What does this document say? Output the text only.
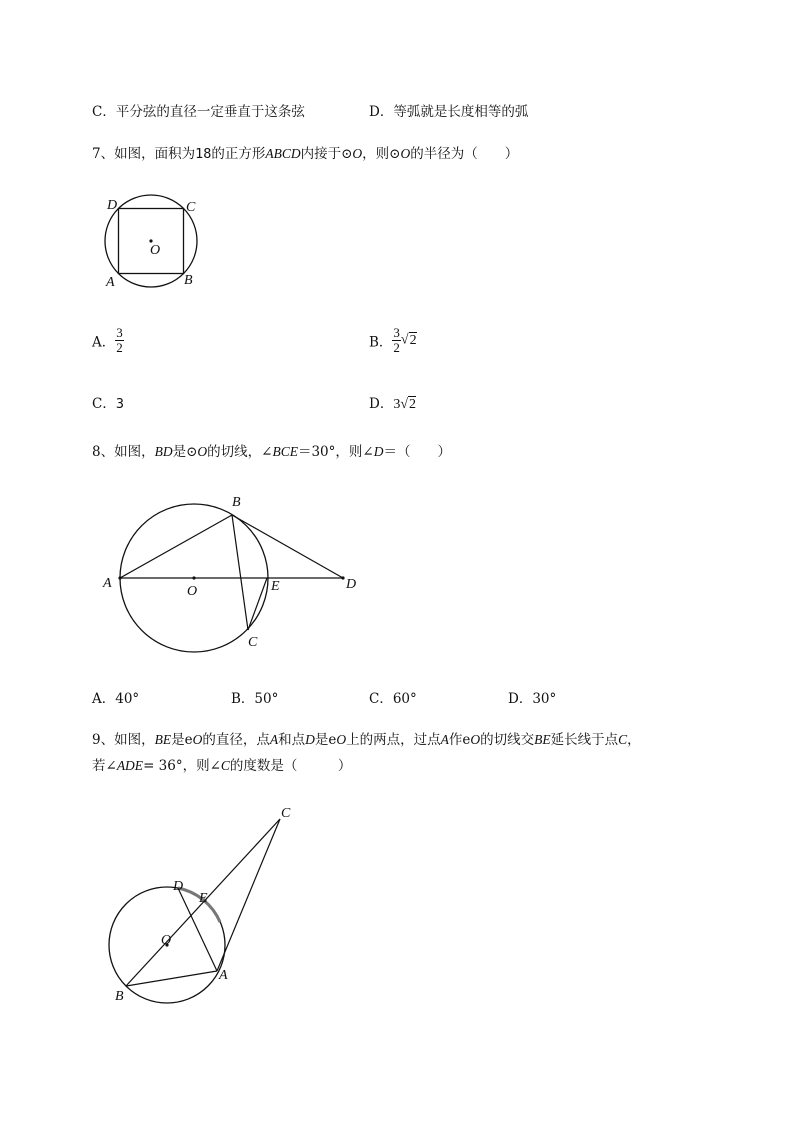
C．平分弦的直径一定垂直于这条弦	D．等弧就是长度相等的弧
7、如图，面积为18的正方形ABCD内接于⊙O，则⊙O的半径为（　　）
D	C
A	B
O
A． $\frac{3}{2}$	B． $\frac{3}{2} √2$
C．3	D．3√2
8、如图，BD是⊙O的切线，∠BCE＝30°，则∠D＝（　　）
A
B
C
D
E
O
A．40°	B．50°	C．60°	D．30°
9、如图，BE是eO的直径，点A和点D是eO上的两点，过点A作eO的切线交BE延长线于点C，
若∠ADE= 36°，则∠C的度数是（　　　）
C
D
E
O
A
B
